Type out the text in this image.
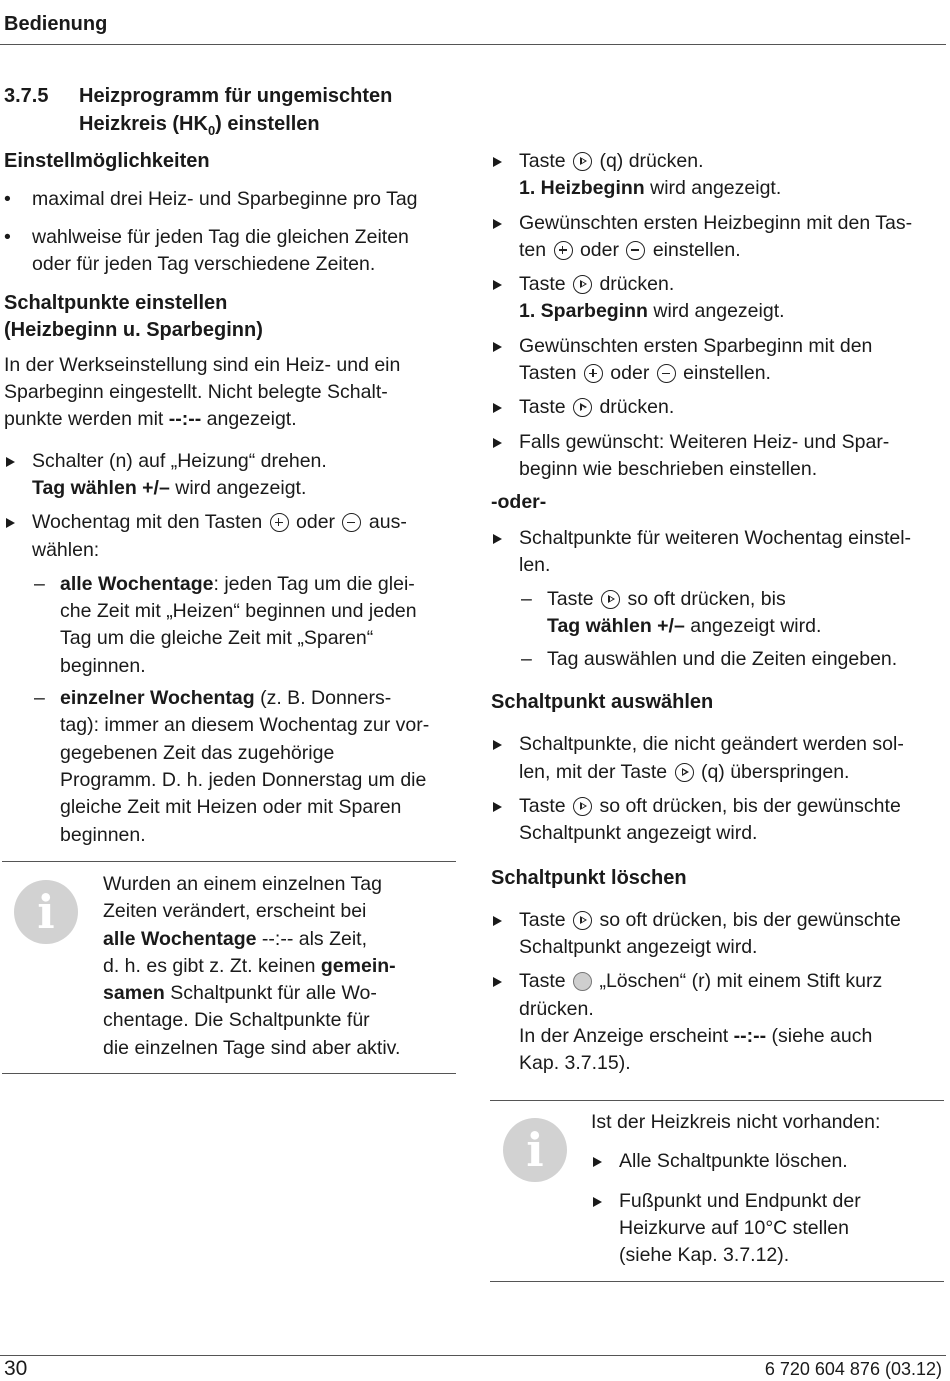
Bedienung
3.7.5 Heizprogramm für ungemischten
Heizkreis $(HK_0)$ einstellen

Einstellmöglichkeiten

• maximal drei Heiz- und Sparbeginne pro Tag
• wahlweise für jeden Tag die gleichen Zeiten
oder für jeden Tag verschiedene Zeiten.

Schaltpunkte einstellen

(Heizbeginn u. Sparbeginn)

In der Werkseinstellung sind ein Heiz- und ein
Sparbeginn eingestellt. Nicht belegte Schalt-
punkte werden mit --:-- angezeigt.
Schalter (n) auf „Heizung“ drehen.
Tag wählen +/– wird angezeigt.
Wochentag mit den Tasten  oder  aus-
wählen:
– alle Wochentage: jeden Tag um die glei-
che Zeit mit „Heizen“ beginnen und jeden
Tag um die gleiche Zeit mit „Sparen“
beginnen.
– einzelner Wochentag (z. B. Donners-
tag): immer an diesem Wochentag zur vor-
gegebenen Zeit das zugehörige
Programm. D. h. jeden Donnerstag um die
gleiche Zeit mit Heizen oder mit Sparen
beginnen.
i
Wurden an einem einzelnen Tag
Zeiten verändert, erscheint bei
alle Wochentage --:-- als Zeit,
d. h. es gibt z. Zt. keinen gemein-
samen Schaltpunkt für alle Wo-
chentage. Die Schaltpunkte für
die einzelnen Tage sind aber aktiv.
Taste  (q) drücken.
1. Heizbeginn wird angezeigt.
Gewünschten ersten Heizbeginn mit den Tas-
ten  oder  einstellen.
Taste  drücken.
1. Sparbeginn wird angezeigt.
Gewünschten ersten Sparbeginn mit den
Tasten  oder  einstellen.
Taste  drücken.
Falls gewünscht: Weiteren Heiz- und Spar-
beginn wie beschrieben einstellen.

-oder-

Schaltpunkte für weiteren Wochentag einstel-
len.
– Taste  so oft drücken, bis
Tag wählen +/– angezeigt wird.
– Tag auswählen und die Zeiten eingeben.

Schaltpunkt auswählen

Schaltpunkte, die nicht geändert werden sol-
len, mit der Taste  (q) überspringen.
Taste  so oft drücken, bis der gewünschte
Schaltpunkt angezeigt wird.

Schaltpunkt löschen

Taste  so oft drücken, bis der gewünschte
Schaltpunkt angezeigt wird.
Taste  „Löschen“ (r) mit einem Stift kurz
drücken.
In der Anzeige erscheint --:-- (siehe auch
Kap. 3.7.15).
i
Ist der Heizkreis nicht vorhanden:
Alle Schaltpunkte löschen.
Fußpunkt und Endpunkt der
Heizkurve auf 10°C stellen
(siehe Kap. 3.7.12).
30	6 720 604 876 (03.12)
